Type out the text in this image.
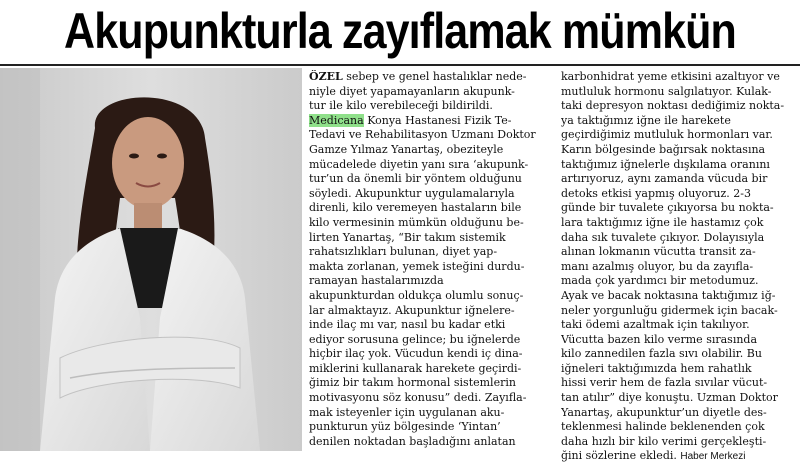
Akupunkturla zayıflamak mümkün
ÖZEL sebep ve genel hastalıklar nede-
niyle diyet yapamayanların akupunk-
tur ile kilo verebileceği bildirildi.
Medicana Konya Hastanesi Fizik Te-
Tedavi ve Rehabilitasyon Uzmanı Doktor
Gamze Yılmaz Yanartaş, obeziteyle
mücadelede diyetin yanı sıra ‘akupunk-
tur’un da önemli bir yöntem olduğunu
söyledi. Akupunktur uygulamalarıyla
direnli, kilo veremeyen hastaların bile
kilo vermesinin mümkün olduğunu be-
lirten Yanartaş, “Bir takım sistemik
rahatsızlıkları bulunan, diyet yap-
makta zorlanan, yemek isteğini durdu-
ramayan hastalarımızda
akupunkturdan oldukça olumlu sonuç-
lar almaktayız. Akupunktur iğnelere-
inde ilaç mı var, nasıl bu kadar etki
ediyor sorusuna gelince; bu iğnelerde
hiçbir ilaç yok. Vücudun kendi iç dina-
miklerini kullanarak harekete geçirdi-
ğimiz bir takım hormonal sistemlerin
motivasyonu söz konusu” dedi. Zayıfla-
mak isteyenler için uygulanan aku-
punkturun yüz bölgesinde ‘Yintan’
denilen noktadan başladığını anlatan
karbonhidrat yeme etkisini azaltıyor ve
mutluluk hormonu salgılatıyor. Kulak-
taki depresyon noktası dediğimiz nokta-
ya taktığımız iğne ile harekete
geçirdiğimiz mutluluk hormonları var.
Karın bölgesinde bağırsak noktasına
taktığımız iğnelerle dışkılama oranını
artırıyoruz, aynı zamanda vücuda bir
detoks etkisi yapmış oluyoruz. 2-3
günde bir tuvalete çıkıyorsa bu nokta-
lara taktığımız iğne ile hastamız çok
daha sık tuvalete çıkıyor. Dolayısıyla
alınan lokmanın vücutta transit za-
manı azalmış oluyor, bu da zayıfla-
mada çok yardımcı bir metodumuz.
Ayak ve bacak noktasına taktığımız iğ-
neler yorgunluğu gidermek için bacak-
taki ödemi azaltmak için takılıyor.
Vücutta bazen kilo verme sırasında
kilo zannedilen fazla sıvı olabilir. Bu
iğneleri taktığımızda hem rahatlık
hissi verir hem de fazla sıvılar vücut-
tan atılır” diye konuştu. Uzman Doktor
Yanartaş, akupunktur’un diyetle des-
teklenmesi halinde beklenenden çok
daha hızlı bir kilo verimi gerçekleşti-
ğini sözlerine ekledi. Haber Merkezi
